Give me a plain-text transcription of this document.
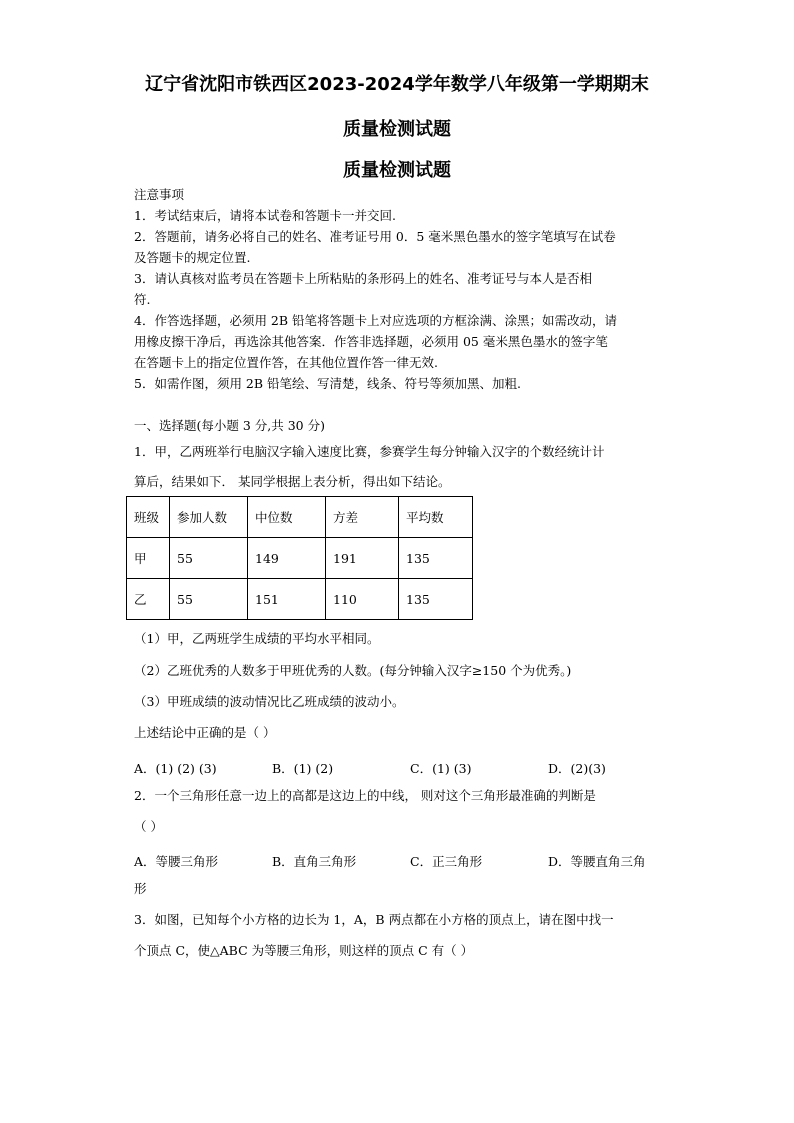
辽宁省沈阳市铁西区2023-2024学年数学八年级第一学期期末
质量检测试题
质量检测试题
注意事项
1．考试结束后，请将本试卷和答题卡一并交回.
2．答题前，请务必将自己的姓名、准考证号用 0．5 毫米黑色墨水的签字笔填写在试卷
及答题卡的规定位置.
3．请认真核对监考员在答题卡上所粘贴的条形码上的姓名、准考证号与本人是否相
符.
4．作答选择题，必须用 2B 铅笔将答题卡上对应选项的方框涂满、涂黑；如需改动，请
用橡皮擦干净后，再选涂其他答案．作答非选择题，必须用 05 毫米黑色墨水的签字笔
在答题卡上的指定位置作答，在其他位置作答一律无效.
5．如需作图，须用 2B 铅笔绘、写清楚，线条、符号等须加黑、加粗.
一、选择题(每小题 3 分,共 30 分)
1．甲，乙两班举行电脑汉字输入速度比赛，参赛学生每分钟输入汉字的个数经统计计
算后，结果如下． 某同学根据上表分析，得出如下结论。
班级	参加人数	中位数	方差	平均数
甲	55	149	191	135
乙	55	151	110	135
（1）甲，乙两班学生成绩的平均水平相同。
（2）乙班优秀的人数多于甲班优秀的人数。(每分钟输入汉字≥150 个为优秀。)
（3）甲班成绩的波动情况比乙班成绩的波动小。
上述结论中正确的是（ ）
A．(1) (2) (3)	B．(1) (2)	C．(1) (3)	D．(2)(3)
2．一个三角形任意一边上的高都是这边上的中线， 则对这个三角形最准确的判断是
（ ）
A．等腰三角形	B．直角三角形	C．正三角形	D．等腰直角三角
形
3．如图，已知每个小方格的边长为 1，A，B 两点都在小方格的顶点上，请在图中找一
个顶点 C，使△ABC 为等腰三角形，则这样的顶点 C 有（ ）
